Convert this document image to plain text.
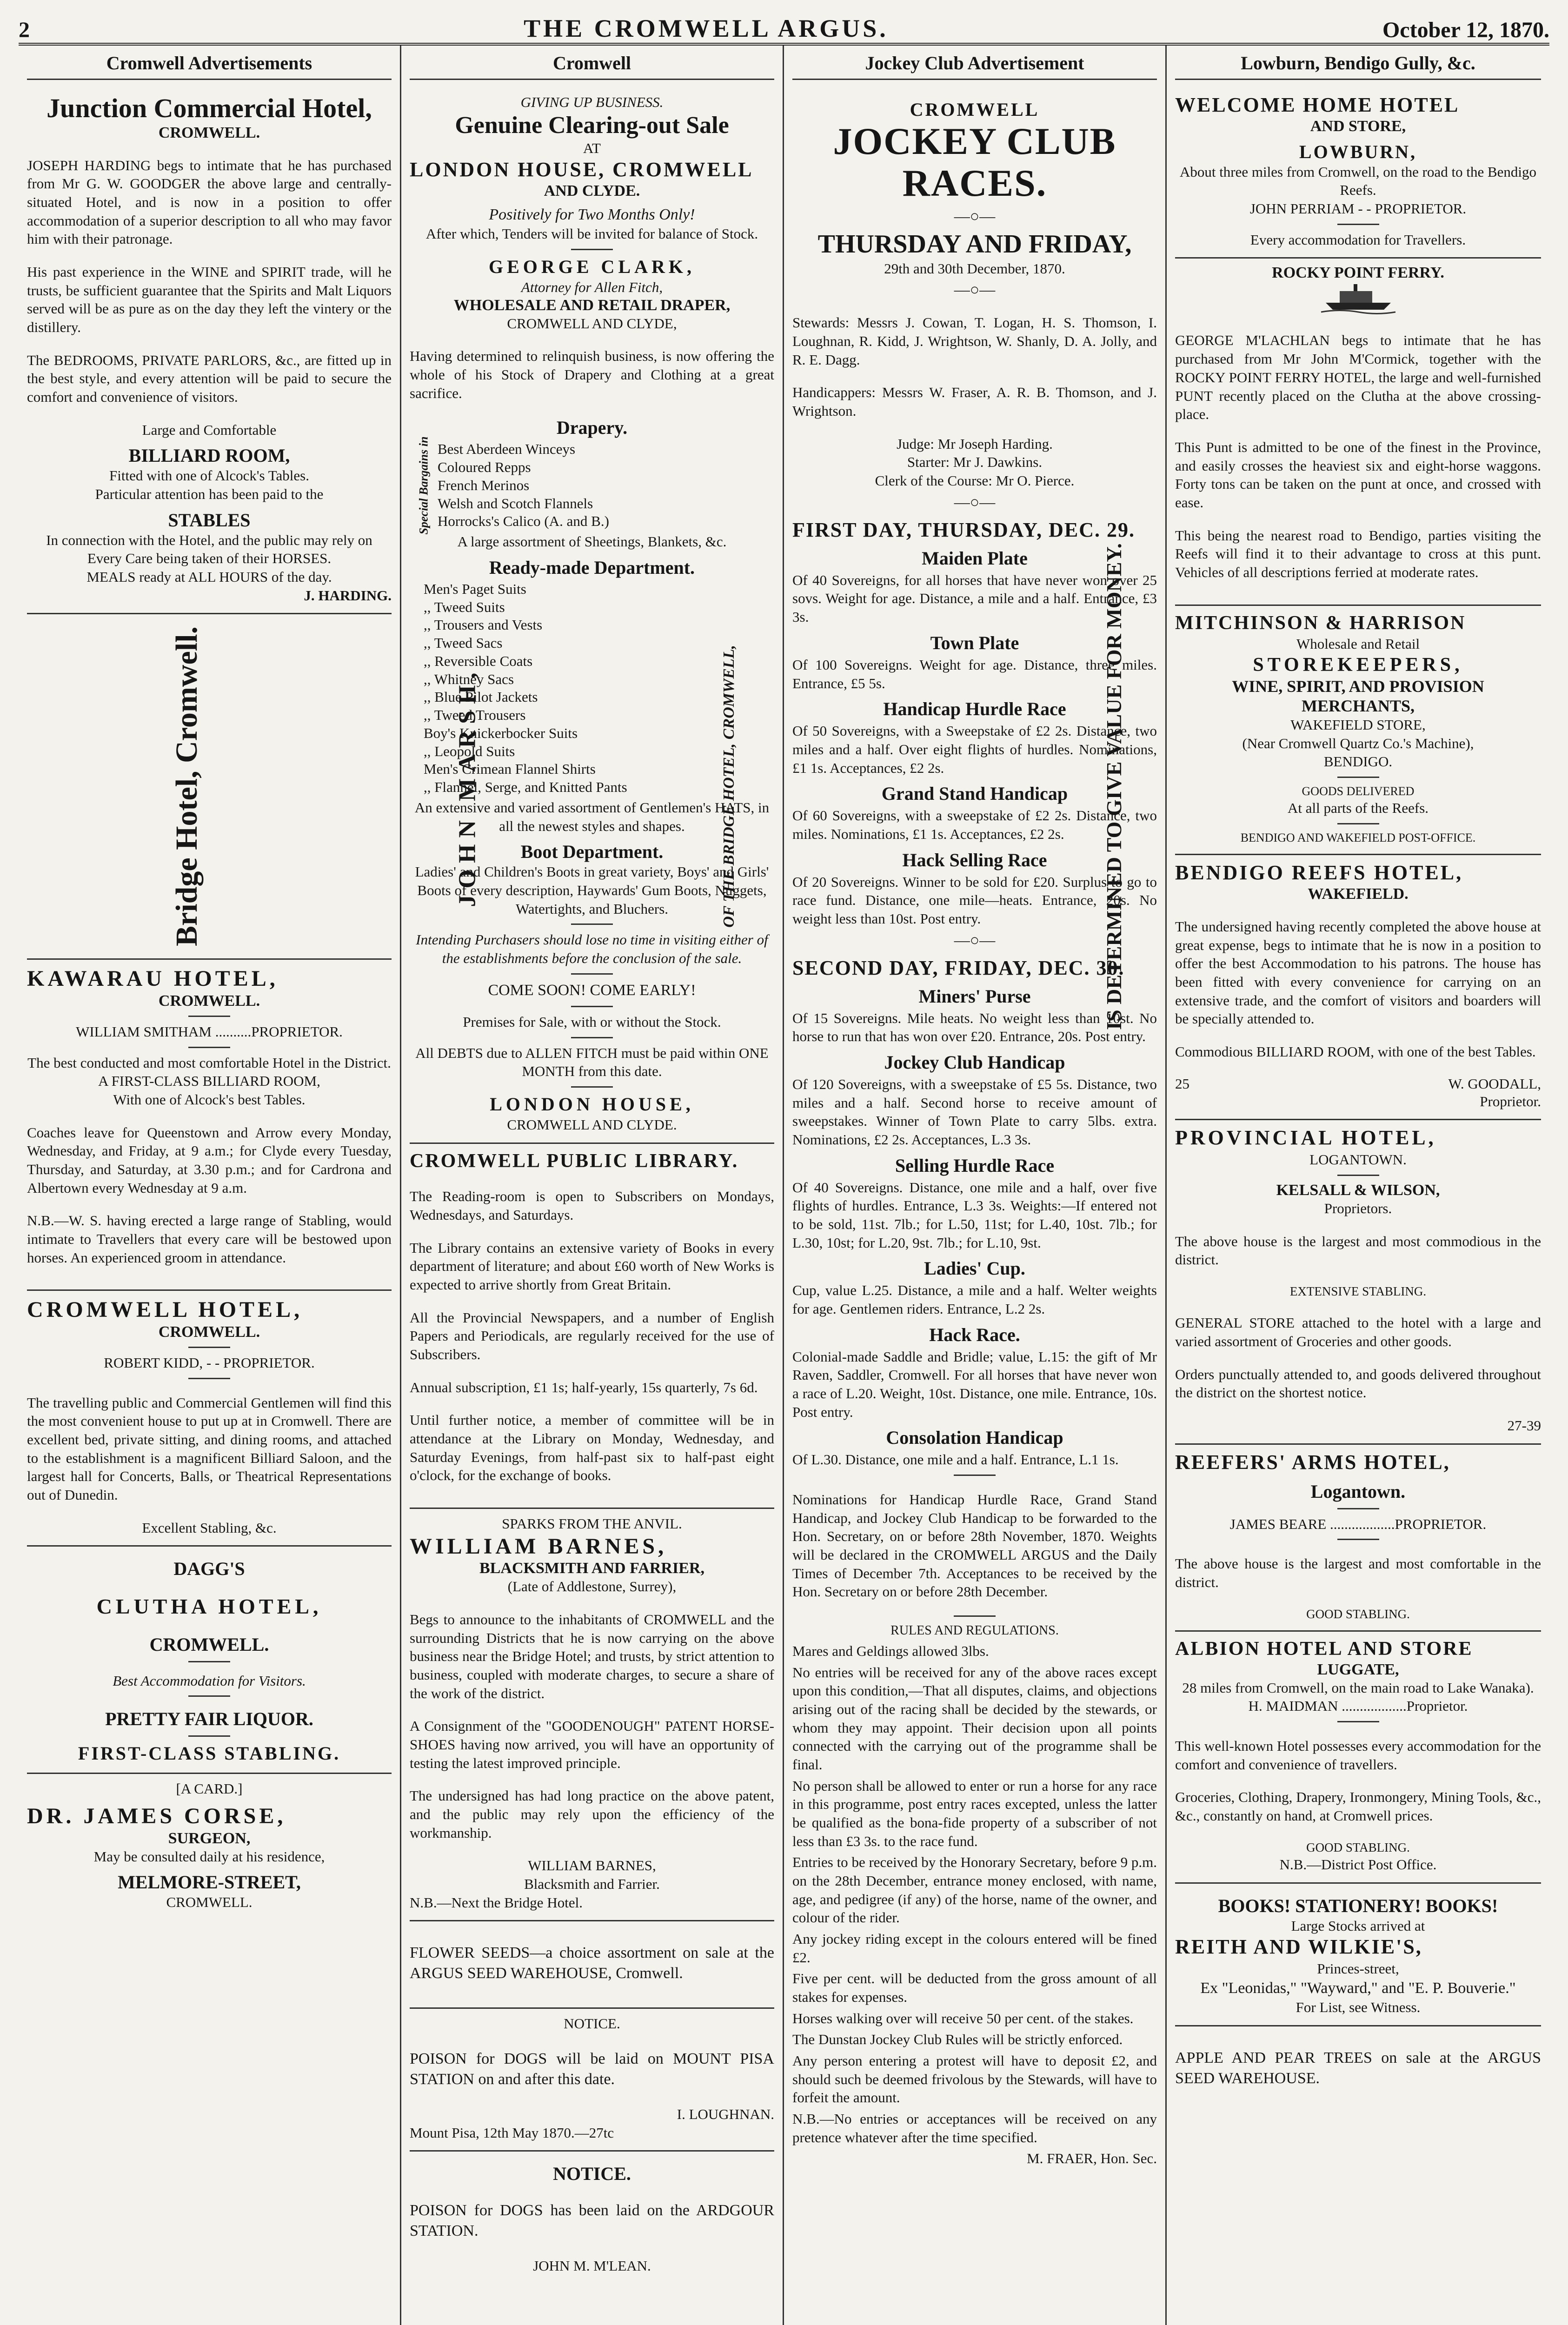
2	THE CROMWELL ARGUS.	October 12, 1870.
Cromwell Advertisements
Junction Commercial Hotel,
CROMWELL.

JOSEPH HARDING begs to intimate that he has purchased from Mr G. W. GOODGER the above large and centrally-situated Hotel, and is now in a position to offer accommodation of a superior description to all who may favor him with their patronage.

His past experience in the WINE and SPIRIT trade, will he trusts, be sufficient guarantee that the Spirits and Malt Liquors served will be as pure as on the day they left the vintery or the distillery.

The BEDROOMS, PRIVATE PARLORS, &c., are fitted up in the best style, and every attention will be paid to secure the comfort and convenience of visitors.

Large and Comfortable
BILLIARD ROOM,
Fitted with one of Alcock's Tables.
Particular attention has been paid to the
STABLES
In connection with the Hotel, and the public may rely on
Every Care being taken of their HORSES.
MEALS ready at ALL HOURS of the day.
J. HARDING.
Bridge Hotel, Cromwell.	JOHN MARSH,	OF THE BRIDGE HOTEL, CROMWELL,	IS DETERMINED TO GIVE VALUE FOR MONEY.
KAWARAU HOTEL,
CROMWELL.
WILLIAM SMITHAM ..........PROPRIETOR.
The best conducted and most comfortable Hotel in the District.
A FIRST-CLASS BILLIARD ROOM,
With one of Alcock's best Tables.

Coaches leave for Queenstown and Arrow every Monday, Wednesday, and Friday, at 9 a.m.; for Clyde every Tuesday, Thursday, and Saturday, at 3.30 p.m.; and for Cardrona and Albertown every Wednesday at 9 a.m.

N.B.—W. S. having erected a large range of Stabling, would intimate to Travellers that every care will be bestowed upon horses. An experienced groom in attendance.

CROMWELL HOTEL,
CROMWELL.
ROBERT KIDD, - - PROPRIETOR.

The travelling public and Commercial Gentlemen will find this the most convenient house to put up at in Cromwell. There are excellent bed, private sitting, and dining rooms, and attached to the establishment is a magnificent Billiard Saloon, and the largest hall for Concerts, Balls, or Theatrical Representations out of Dunedin.

Excellent Stabling, &c.
DAGG'S
CLUTHA HOTEL,
CROMWELL.
Best Accommodation for Visitors.
PRETTY FAIR LIQUOR.
FIRST-CLASS STABLING.
[A CARD.]
DR. JAMES CORSE,
SURGEON,
May be consulted daily at his residence,
MELMORE-STREET,
CROMWELL.
Cromwell
GIVING UP BUSINESS.
Genuine Clearing-out Sale
AT
LONDON HOUSE, CROMWELL
AND CLYDE.
Positively for Two Months Only!
After which, Tenders will be invited for balance of Stock.
GEORGE CLARK,
Attorney for Allen Fitch,
WHOLESALE AND RETAIL DRAPER,
CROMWELL AND CLYDE,

Having determined to relinquish business, is now offering the whole of his Stock of Drapery and Clothing at a great sacrifice.

Drapery.
Special Bargains in Best Aberdeen Winceys
Coloured Repps
French Merinos
Welsh and Scotch Flannels
Horrocks's Calico (A. and B.)
A large assortment of Sheetings, Blankets, &c.
Ready-made Department.
Men's Paget Suits
,, Tweed Suits
,, Trousers and Vests
,, Tweed Sacs
,, Reversible Coats
,, Whitney Sacs
,, Blue Pilot Jackets
,, Tweed Trousers
Boy's Knickerbocker Suits
,, Leopold Suits
Men's Crimean Flannel Shirts
,, Flannel, Serge, and Knitted Pants
An extensive and varied assortment of Gentlemen's HATS, in all the newest styles and shapes.
Boot Department.
Ladies' and Children's Boots in great variety, Boys' and Girls' Boots of every description, Haywards' Gum Boots, Nuggets, Watertights, and Bluchers.
Intending Purchasers should lose no time in visiting either of the establishments before the conclusion of the sale.
COME SOON! COME EARLY!
Premises for Sale, with or without the Stock.
All DEBTS due to ALLEN FITCH must be paid within ONE MONTH from this date.
LONDON HOUSE,
CROMWELL AND CLYDE.
CROMWELL PUBLIC LIBRARY.

The Reading-room is open to Subscribers on Mondays, Wednesdays, and Saturdays.

The Library contains an extensive variety of Books in every department of literature; and about £60 worth of New Works is expected to arrive shortly from Great Britain.

All the Provincial Newspapers, and a number of English Papers and Periodicals, are regularly received for the use of Subscribers.

Annual subscription, £1 1s; half-yearly, 15s quarterly, 7s 6d.

Until further notice, a member of committee will be in attendance at the Library on Monday, Wednesday, and Saturday Evenings, from half-past six to half-past eight o'clock, for the exchange of books.

SPARKS FROM THE ANVIL.
WILLIAM BARNES,
BLACKSMITH AND FARRIER,
(Late of Addlestone, Surrey),

Begs to announce to the inhabitants of CROMWELL and the surrounding Districts that he is now carrying on the above business near the Bridge Hotel; and trusts, by strict attention to business, coupled with moderate charges, to secure a share of the work of the district.

A Consignment of the "GOODENOUGH" PATENT HORSE-SHOES having now arrived, you will have an opportunity of testing the latest improved principle.

The undersigned has had long practice on the above patent, and the public may rely upon the efficiency of the workmanship.

WILLIAM BARNES,
Blacksmith and Farrier.
N.B.—Next the Bridge Hotel.

FLOWER SEEDS—a choice assortment on sale at the ARGUS SEED WAREHOUSE, Cromwell.

NOTICE.

POISON for DOGS will be laid on MOUNT PISA STATION on and after this date.

I. LOUGHNAN.
Mount Pisa, 12th May 1870.—27tc
NOTICE.

POISON for DOGS has been laid on the ARDGOUR STATION.

JOHN M. M'LEAN.
Jockey Club Advertisement
CROMWELL
JOCKEY CLUB RACES.
—○—
THURSDAY AND FRIDAY,
29th and 30th December, 1870.
—○—

Stewards: Messrs J. Cowan, T. Logan, H. S. Thomson, I. Loughnan, R. Kidd, J. Wrightson, W. Shanly, D. A. Jolly, and R. E. Dagg.

Handicappers: Messrs W. Fraser, A. R. B. Thomson, and J. Wrightson.

Judge: Mr Joseph Harding.
Starter: Mr J. Dawkins.
Clerk of the Course: Mr O. Pierce.
—○—
FIRST DAY, THURSDAY, DEC. 29.
Maiden Plate

Of 40 Sovereigns, for all horses that have never won over 25 sovs. Weight for age. Distance, a mile and a half. Entrance, £3 3s.

Town Plate

Of 100 Sovereigns. Weight for age. Distance, three miles. Entrance, £5 5s.

Handicap Hurdle Race

Of 50 Sovereigns, with a Sweepstake of £2 2s. Distance, two miles and a half. Over eight flights of hurdles. Nominations, £1 1s. Acceptances, £2 2s.

Grand Stand Handicap

Of 60 Sovereigns, with a sweepstake of £2 2s. Distance, two miles. Nominations, £1 1s. Acceptances, £2 2s.

Hack Selling Race

Of 20 Sovereigns. Winner to be sold for £20. Surplus to go to race fund. Distance, one mile—heats. Entrance, 20s. No weight less than 10st. Post entry.

—○—
SECOND DAY, FRIDAY, DEC. 30.
Miners' Purse

Of 15 Sovereigns. Mile heats. No weight less than 10st. No horse to run that has won over £20. Entrance, 20s. Post entry.

Jockey Club Handicap

Of 120 Sovereigns, with a sweepstake of £5 5s. Distance, two miles and a half. Second horse to receive amount of sweepstakes. Winner of Town Plate to carry 5lbs. extra. Nominations, £2 2s. Acceptances, L.3 3s.

Selling Hurdle Race

Of 40 Sovereigns. Distance, one mile and a half, over five flights of hurdles. Entrance, L.3 3s. Weights:—If entered not to be sold, 11st. 7lb.; for L.50, 11st; for L.40, 10st. 7lb.; for L.30, 10st; for L.20, 9st. 7lb.; for L.10, 9st.

Ladies' Cup.

Cup, value L.25. Distance, a mile and a half. Welter weights for age. Gentlemen riders. Entrance, L.2 2s.

Hack Race.

Colonial-made Saddle and Bridle; value, L.15: the gift of Mr Raven, Saddler, Cromwell. For all horses that have never won a race of L.20. Weight, 10st. Distance, one mile. Entrance, 10s. Post entry.

Consolation Handicap

Of L.30. Distance, one mile and a half. Entrance, L.1 1s.

Nominations for Handicap Hurdle Race, Grand Stand Handicap, and Jockey Club Handicap to be forwarded to the Hon. Secretary, on or before 28th November, 1870. Weights will be declared in the CROMWELL ARGUS and the Daily Times of December 7th. Acceptances to be received by the Hon. Secretary on or before 28th December.

RULES AND REGULATIONS.

Mares and Geldings allowed 3lbs.

No entries will be received for any of the above races except upon this condition,—That all disputes, claims, and objections arising out of the racing shall be decided by the stewards, or whom they may appoint. Their decision upon all points connected with the carrying out of the programme shall be final.

No person shall be allowed to enter or run a horse for any race in this programme, post entry races excepted, unless the latter be qualified as the bona-fide property of a subscriber of not less than £3 3s. to the race fund.

Entries to be received by the Honorary Secretary, before 9 p.m. on the 28th December, entrance money enclosed, with name, age, and pedigree (if any) of the horse, name of the owner, and colour of the rider.

Any jockey riding except in the colours entered will be fined £2.

Five per cent. will be deducted from the gross amount of all stakes for expenses.

Horses walking over will receive 50 per cent. of the stakes.

The Dunstan Jockey Club Rules will be strictly enforced.

Any person entering a protest will have to deposit £2, and should such be deemed frivolous by the Stewards, will have to forfeit the amount.

N.B.—No entries or acceptances will be received on any pretence whatever after the time specified.

M. FRAER, Hon. Sec.
Lowburn, Bendigo Gully, &c.
WELCOME HOME HOTEL
AND STORE,
LOWBURN,
About three miles from Cromwell, on the road to the Bendigo Reefs.
JOHN PERRIAM - - PROPRIETOR.
Every accommodation for Travellers.
ROCKY POINT FERRY.

GEORGE M'LACHLAN begs to intimate that he has purchased from Mr John M'Cormick, together with the ROCKY POINT FERRY HOTEL, the large and well-furnished PUNT recently placed on the Clutha at the above crossing-place.

This Punt is admitted to be one of the finest in the Province, and easily crosses the heaviest six and eight-horse waggons. Forty tons can be taken on the punt at once, and crossed with ease.

This being the nearest road to Bendigo, parties visiting the Reefs will find it to their advantage to cross at this punt. Vehicles of all descriptions ferried at moderate rates.

MITCHINSON & HARRISON
Wholesale and Retail
STOREKEEPERS,
WINE, SPIRIT, AND PROVISION MERCHANTS,
WAKEFIELD STORE,
(Near Cromwell Quartz Co.'s Machine),
BENDIGO.
GOODS DELIVERED
At all parts of the Reefs.
BENDIGO AND WAKEFIELD POST-OFFICE.
BENDIGO REEFS HOTEL,
WAKEFIELD.

The undersigned having recently completed the above house at great expense, begs to intimate that he is now in a position to offer the best Accommodation to his patrons. The house has been fitted with every convenience for carrying on an extensive trade, and the comfort of visitors and boarders will be specially attended to.

Commodious BILLIARD ROOM, with one of the best Tables.

25	W. GOODALL,
Proprietor.
PROVINCIAL HOTEL,
LOGANTOWN.
KELSALL & WILSON,
Proprietors.

The above house is the largest and most commodious in the district.

EXTENSIVE STABLING.

GENERAL STORE attached to the hotel with a large and varied assortment of Groceries and other goods.

Orders punctually attended to, and goods delivered throughout the district on the shortest notice.

27-39
REEFERS' ARMS HOTEL,
Logantown.
JAMES BEARE ..................PROPRIETOR.

The above house is the largest and most comfortable in the district.

GOOD STABLING.
ALBION HOTEL AND STORE
LUGGATE,
28 miles from Cromwell, on the main road to Lake Wanaka).
H. MAIDMAN ..................Proprietor.

This well-known Hotel possesses every accommodation for the comfort and convenience of travellers.

Groceries, Clothing, Drapery, Ironmongery, Mining Tools, &c., &c., constantly on hand, at Cromwell prices.

GOOD STABLING.
N.B.—District Post Office.
BOOKS! STATIONERY! BOOKS!
Large Stocks arrived at
REITH AND WILKIE'S,
Princes-street,
Ex "Leonidas," "Wayward," and "E. P. Bouverie."
For List, see Witness.

APPLE AND PEAR TREES on sale at the ARGUS SEED WAREHOUSE.
